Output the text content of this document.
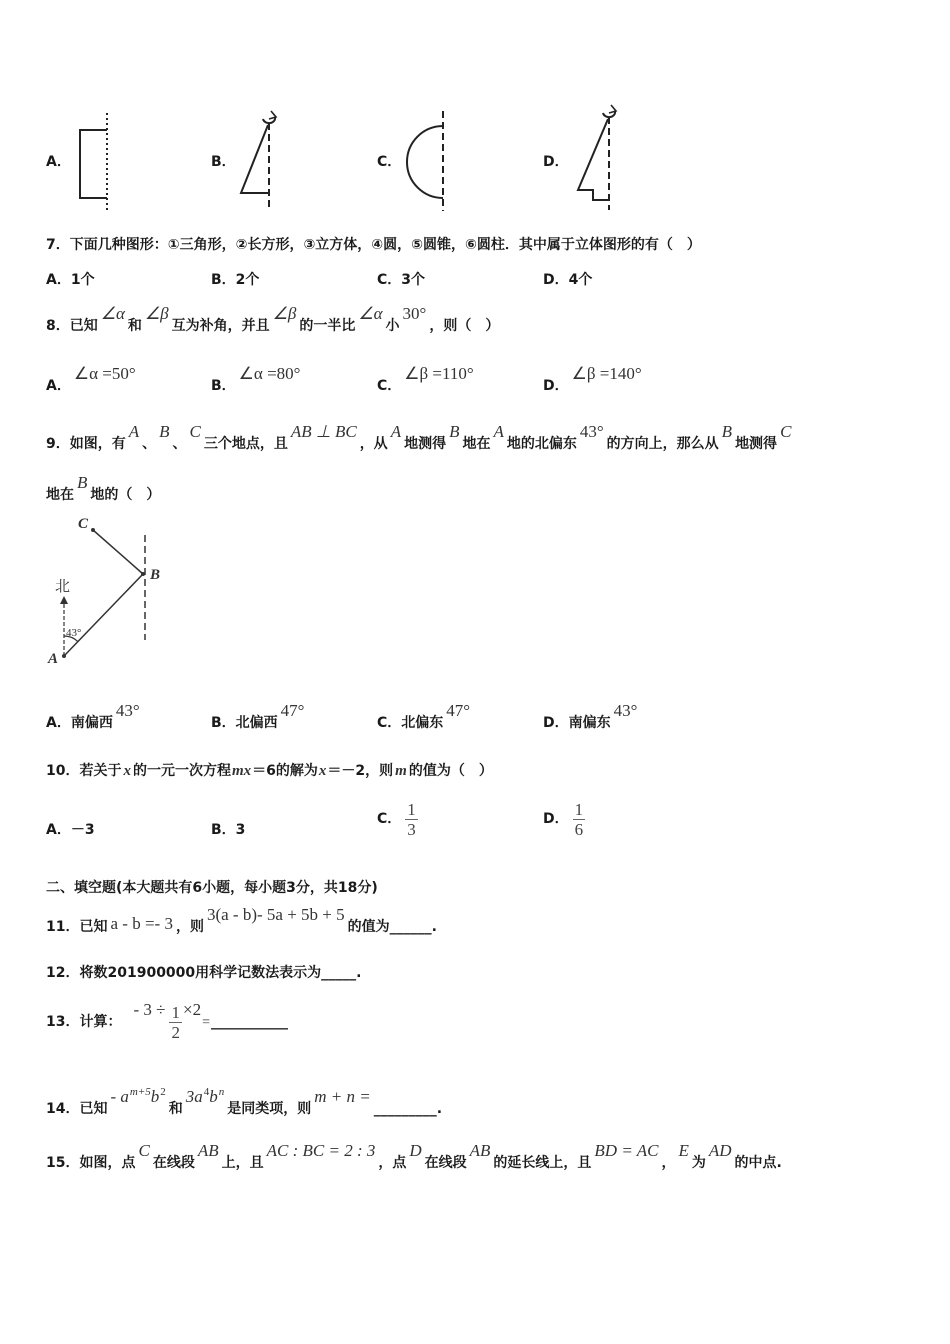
A．	B．	C．	D．
7．下面几种图形：①三角形，②长方形，③立方体，④圆，⑤圆锥，⑥圆柱．其中属于立体图形的有（　）
A．1个	B．2个	C．3个	D．4个
8．已知∠α和∠β互为补角，并且∠β的一半比∠α小30°，则（　）
A．∠α =50°
B．∠α =80°
C．∠β =110°
D．∠β =140°
9．如图，有A、B、C三个地点，且AB ⊥ BC，从A地测得B地在A地的北偏东43°的方向上，那么从B地测得C
地在B地的（　）
C
B
A
北
43°
A．南偏西43°
B．北偏西47°
C．北偏东47°
D．南偏东43°
10．若关于 x 的一元一次方程mx＝6的解为x＝－2，则 m 的值为（　）
A．－3	B．3
C． $\frac{1}{3}$	D． $\frac{1}{6}$
二、填空题(本大题共有6小题，每小题3分，共18分)
11．已知 a - b =- 3 ，则3(a - b)- 5a + 5b + 5的值为______.
12．将数201900000用科学记数法表示为_____.
13．计算：- $3 \div \frac{1}{2}$ ×2=___________
14．已知- $a^{m+5}b^2$和$3a^4b^n$是同类项，则m + n =_________.
15．如图，点C在线段AB上，且AC : BC = 2 : 3，点D在线段AB的延长线上，且BD = AC，E为AD的中点.
